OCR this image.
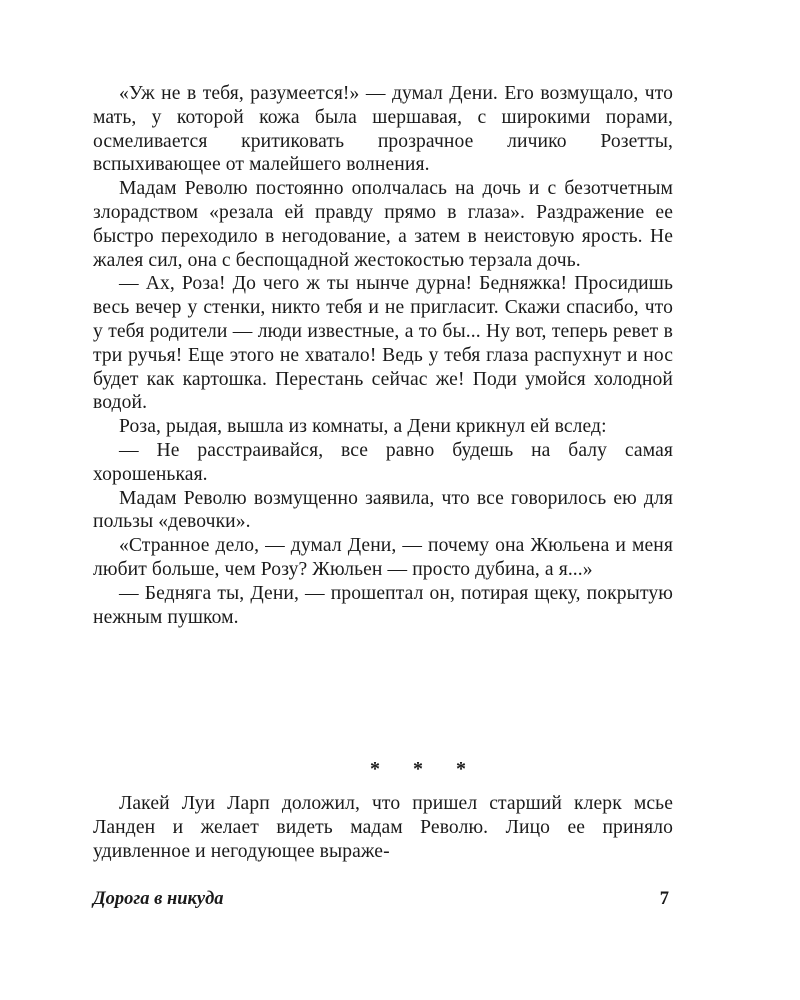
«Уж не в тебя, разумеется!» — думал Дени. Его возмущало, что мать, у которой кожа была шершавая, с широкими порами, осмеливается критиковать прозрачное личико Розетты, вспыхивающее от малейшего волнения.

Мадам Револю постоянно ополчалась на дочь и с безотчетным злорадством «резала ей правду прямо в глаза». Раздражение ее быстро переходило в негодование, а затем в неистовую ярость. Не жалея сил, она с беспощадной жестокостью терзала дочь.

— Ах, Роза! До чего ж ты нынче дурна! Бедняжка! Просидишь весь вечер у стенки, никто тебя и не пригласит. Скажи спасибо, что у тебя родители — люди известные, а то бы... Ну вот, теперь ревет в три ручья! Еще этого не хватало! Ведь у тебя глаза распухнут и нос будет как картошка. Перестань сейчас же! Поди умойся холодной водой.

Роза, рыдая, вышла из комнаты, а Дени крикнул ей вслед:

— Не расстраивайся, все равно будешь на балу самая хорошенькая.

Мадам Револю возмущенно заявила, что все говорилось ею для пользы «девочки».

«Странное дело, — думал Дени, — почему она Жюльена и меня любит больше, чем Розу? Жюльен — просто дубина, а я...»

— Бедняга ты, Дени, — прошептал он, потирая щеку, покрытую нежным пушком.

* * *

Лакей Луи Ларп доложил, что пришел старший клерк мсье Ланден и желает видеть мадам Револю. Лицо ее приняло удивленное и негодующее выраже-

Дорога в никуда	7
